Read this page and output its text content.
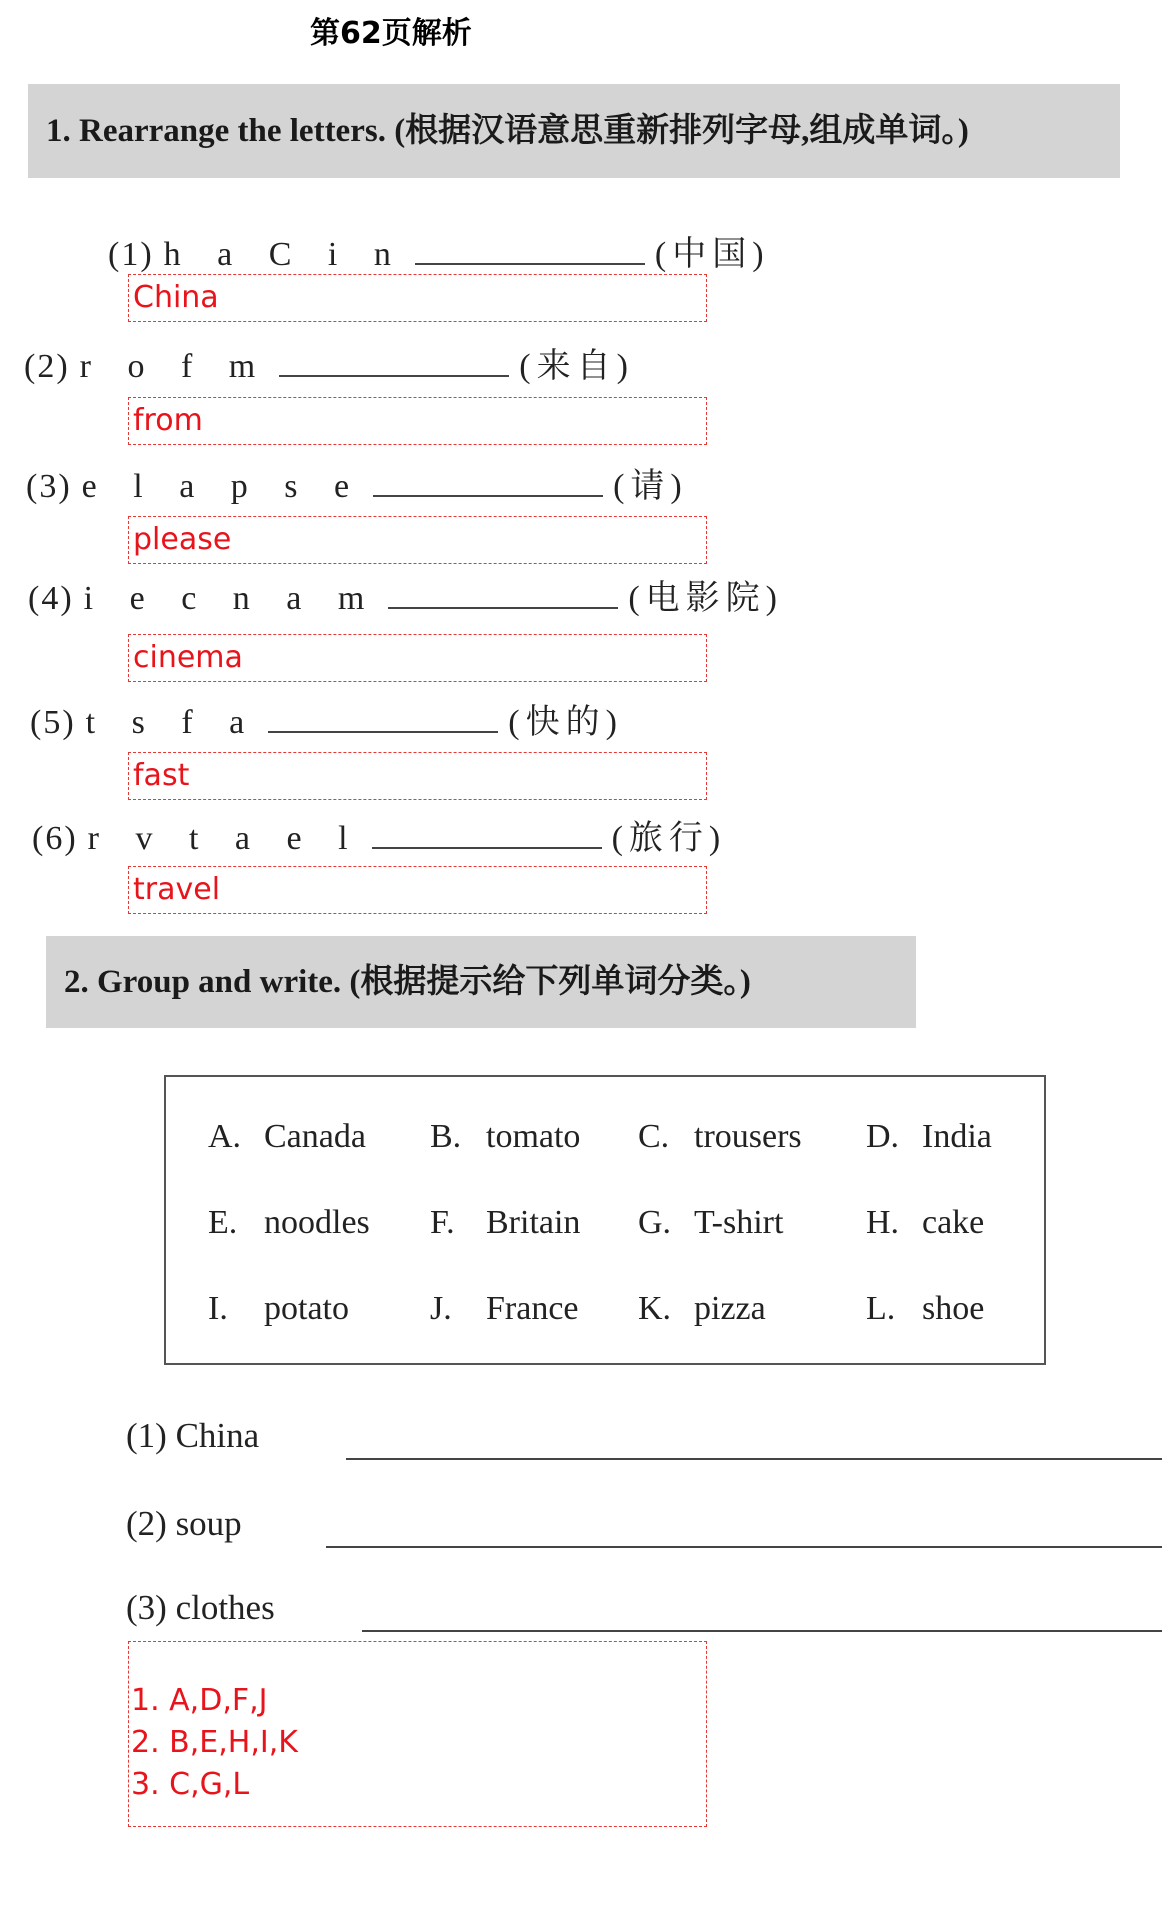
第62页解析
1. Rearrange the letters. (根据汉语意思重新排列字母,组成单词。)
(1) h a C i n	(中国)
China
(2) r o f m	(来自)
from
(3) e l a p s e	(请)
please
(4) i e c n a m	(电影院)
cinema
(5) t s f a	(快的)
fast
(6) r v t a e l	(旅行)
travel
2. Group and write. (根据提示给下列单词分类。)
A. Canada B. tomato C. trousers D. India
E. noodles F. Britain G. T-shirt H. cake
I. potato J. France K. pizza	L. shoe
(1) China
(2) soup
(3) clothes
1. A,D,F,J
2. B,E,H,I,K
3. C,G,L
